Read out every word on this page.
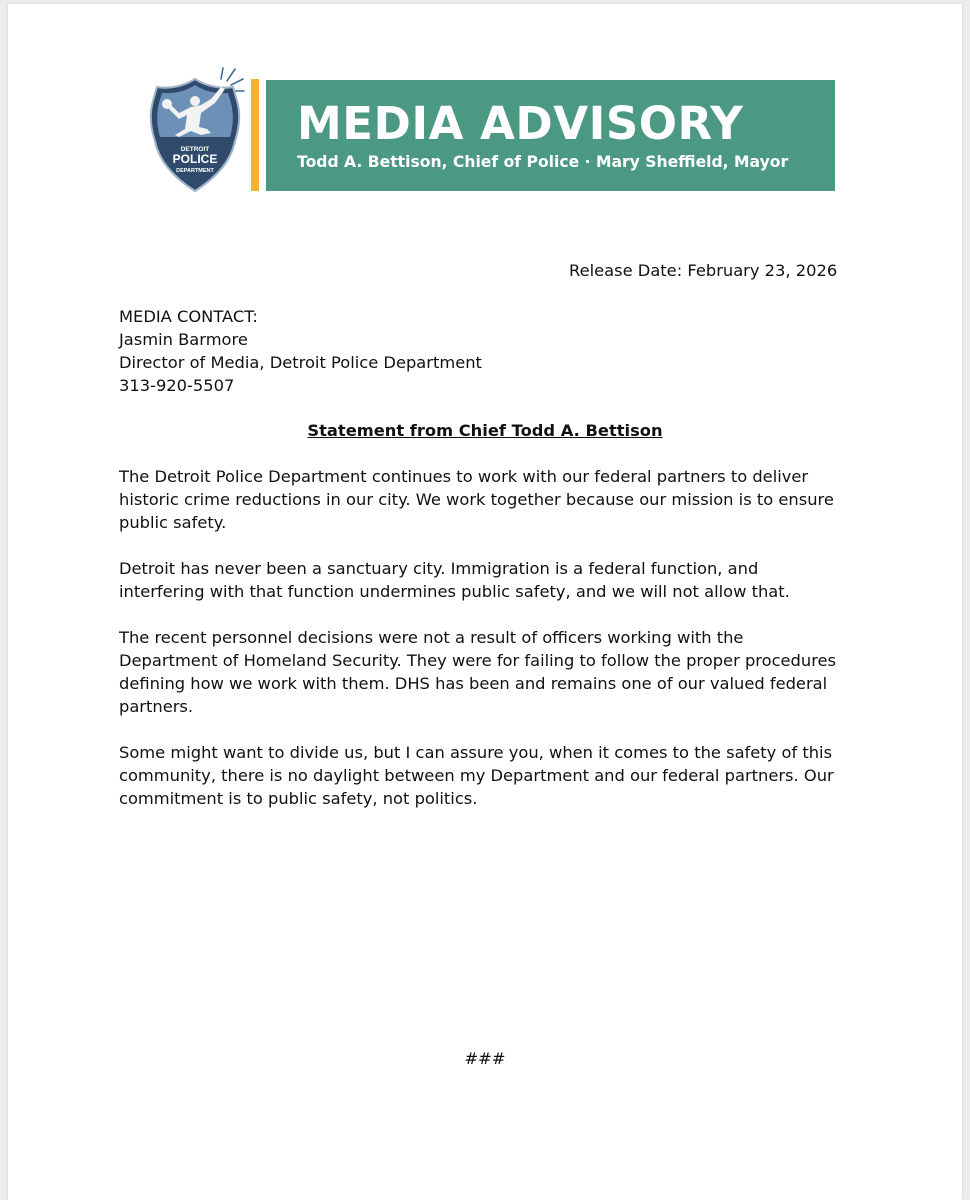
DETROIT
POLICE
DEPARTMENT
MEDIA ADVISORY
Todd A. Bettison, Chief of Police · Mary Sheffield, Mayor
Release Date: February 23, 2026
MEDIA CONTACT:
Jasmin Barmore
Director of Media, Detroit Police Department
313-920-5507
Statement from Chief Todd A. Bettison
The Detroit Police Department continues to work with our federal partners to deliver
historic crime reductions in our city. We work together because our mission is to ensure
public safety.
Detroit has never been a sanctuary city. Immigration is a federal function, and
interfering with that function undermines public safety, and we will not allow that.
The recent personnel decisions were not a result of officers working with the
Department of Homeland Security. They were for failing to follow the proper procedures
defining how we work with them. DHS has been and remains one of our valued federal
partners.
Some might want to divide us, but I can assure you, when it comes to the safety of this
community, there is no daylight between my Department and our federal partners. Our
commitment is to public safety, not politics.
###
